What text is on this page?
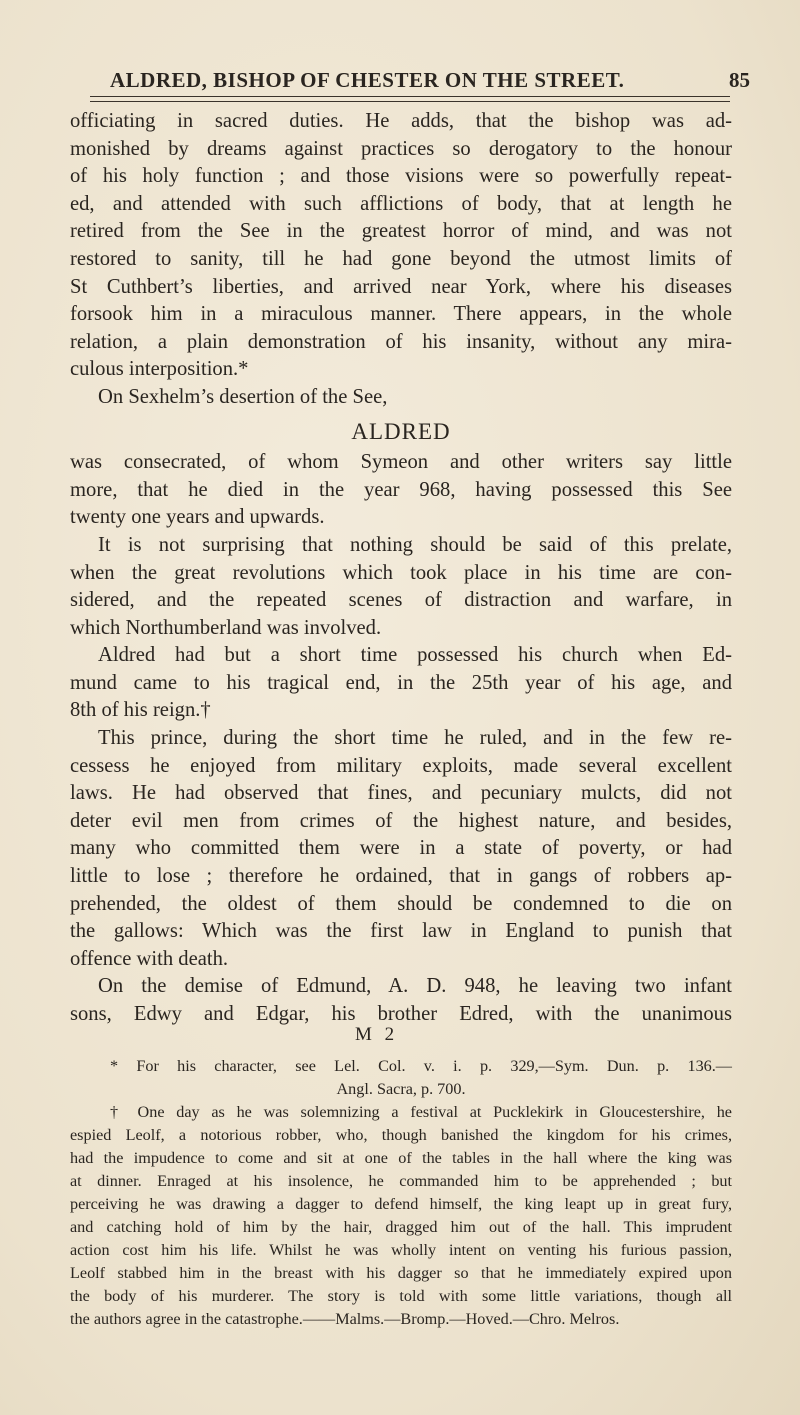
ALDRED, BISHOP OF CHESTER ON THE STREET.	85

officiating in sacred duties. He adds, that the bishop was ad-

monished by dreams against practices so derogatory to the honour

of his holy function ; and those visions were so powerfully repeat-

ed, and attended with such afflictions of body, that at length he

retired from the See in the greatest horror of mind, and was not

restored to sanity, till he had gone beyond the utmost limits of

St Cuthbert’s liberties, and arrived near York, where his diseases

forsook him in a miraculous manner. There appears, in the whole

relation, a plain demonstration of his insanity, without any mira-

culous interposition.*

On Sexhelm’s desertion of the See,

ALDRED

was consecrated, of whom Symeon and other writers say little

more, that he died in the year 968, having possessed this See

twenty one years and upwards.

It is not surprising that nothing should be said of this prelate,

when the great revolutions which took place in his time are con-

sidered, and the repeated scenes of distraction and warfare, in

which Northumberland was involved.

Aldred had but a short time possessed his church when Ed-

mund came to his tragical end, in the 25th year of his age, and

8th of his reign.†

This prince, during the short time he ruled, and in the few re-

cessess he enjoyed from military exploits, made several excellent

laws. He had observed that fines, and pecuniary mulcts, did not

deter evil men from crimes of the highest nature, and besides,

many who committed them were in a state of poverty, or had

little to lose ; therefore he ordained, that in gangs of robbers ap-

prehended, the oldest of them should be condemned to die on

the gallows: Which was the first law in England to punish that

offence with death.

On the demise of Edmund, A. D. 948, he leaving two infant

sons, Edwy and Edgar, his brother Edred, with the unanimous

M 2

* For his character, see Lel. Col. v. i. p. 329,—Sym. Dun. p. 136.—

Angl. Sacra, p. 700.

† One day as he was solemnizing a festival at Pucklekirk in Gloucestershire, he

espied Leolf, a notorious robber, who, though banished the kingdom for his crimes,

had the impudence to come and sit at one of the tables in the hall where the king was

at dinner. Enraged at his insolence, he commanded him to be apprehended ; but

perceiving he was drawing a dagger to defend himself, the king leapt up in great fury,

and catching hold of him by the hair, dragged him out of the hall. This imprudent

action cost him his life. Whilst he was wholly intent on venting his furious passion,

Leolf stabbed him in the breast with his dagger so that he immediately expired upon

the body of his murderer. The story is told with some little variations, though all

the authors agree in the catastrophe.——Malms.—Bromp.—Hoved.—Chro. Melros.
